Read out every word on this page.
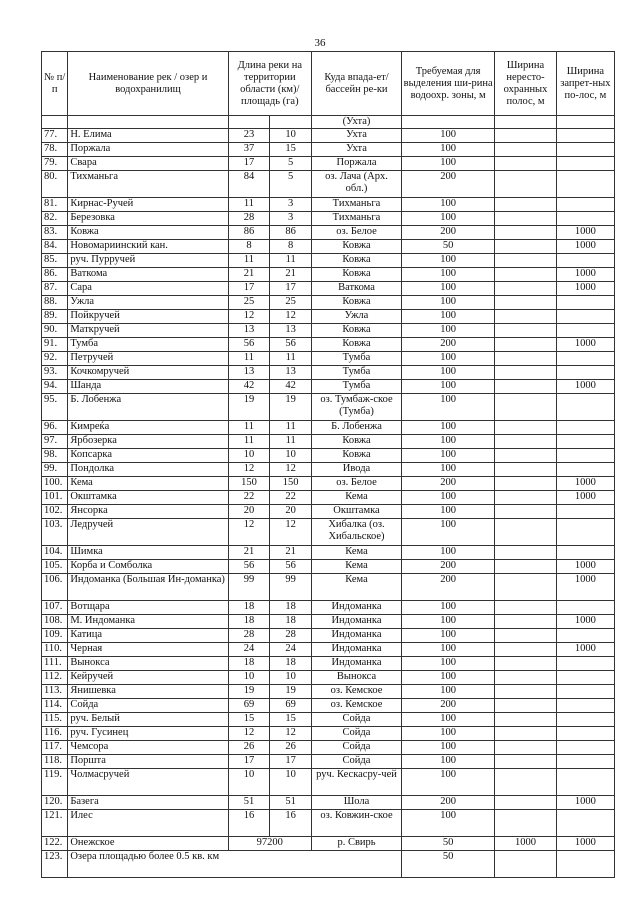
36
№ п/п	Наименование рек / озер и водохранилищ	Длина реки на территории области (км)/ площадь (га)		Куда впада-ет/бассейн ре-ки	Требуемая для выделения ши-рина водоохр. зоны, м	Ширина нересто-охранных полос, м	Ширина запрет-ных по-лос, м
				(Ухта)			
77.	Н. Елима	23	10	Ухта	100		
78.	Поржала	37	15	Ухта	100		
79.	Свара	17	5	Поржала	100		
80.	Тихманьга	84	5	оз. Лача (Арх. обл.)	200		
81.	Кирнас-Ручей	11	3	Тихманьга	100		
82.	Березовка	28	3	Тихманьга	100		
83.	Ковжа	86	86	оз. Белое	200		1000
84.	Новомариинский кан.	8	8	Ковжа	50		1000
85.	руч. Пурручей	11	11	Ковжа	100		
86.	Ваткома	21	21	Ковжа	100		1000
87.	Сара	17	17	Ваткома	100		1000
88.	Ужла	25	25	Ковжа	100		
89.	Пойкручей	12	12	Ужла	100		
90.	Маткручей	13	13	Ковжа	100		
91.	Тумба	56	56	Ковжа	200		1000
92.	Петручей	11	11	Тумба	100		
93.	Кочкомручей	13	13	Тумба	100		
94.	Шанда	42	42	Тумба	100		1000
95.	Б. Лобенжа	19	19	оз. Тумбаж-ское (Тумба)	100		
96.	Кимреќа	11	11	Б. Лобенжа	100		
97.	Ярбозерка	11	11	Ковжа	100		
98.	Копсарка	10	10	Ковжа	100		
99.	Пондолка	12	12	Ивода	100		
100.	Кема	150	150	оз. Белое	200		1000
101.	Окштамка	22	22	Кема	100		1000
102.	Янсорка	20	20	Окштамка	100		
103.	Ледручей	12	12	Хибалка (оз. Хибальское)	100		
104.	Шимка	21	21	Кема	100		
105.	Корба и Сомболка	56	56	Кема	200		1000
106.	Индоманка (Большая Ин-доманка)	99	99	Кема	200		1000
107.	Вотщара	18	18	Индоманка	100		
108.	М. Индоманка	18	18	Индоманка	100		1000
109.	Катица	28	28	Индоманка	100		
110.	Черная	24	24	Индоманка	100		1000
111.	Вынокса	18	18	Индоманка	100		
112.	Кейручей	10	10	Вынокса	100		
113.	Янишевка	19	19	оз. Кемское	100		
114.	Сойда	69	69	оз. Кемское	200		
115.	руч. Белый	15	15	Сойда	100		
116.	руч. Гусинец	12	12	Сойда	100		
117.	Чемсора	26	26	Сойда	100		
118.	Поршта	17	17	Сойда	100		
119.	Чолмасручей	10	10	руч. Кескасру-чей	100		
120.	Базега	51	51	Шола	200		1000
121.	Илес	16	16	оз. Ковжин-ское	100		
122.	Онежское	97200		р. Свирь	50	1000	1000
123.	Озера площадью более 0.5 кв. км				50		
